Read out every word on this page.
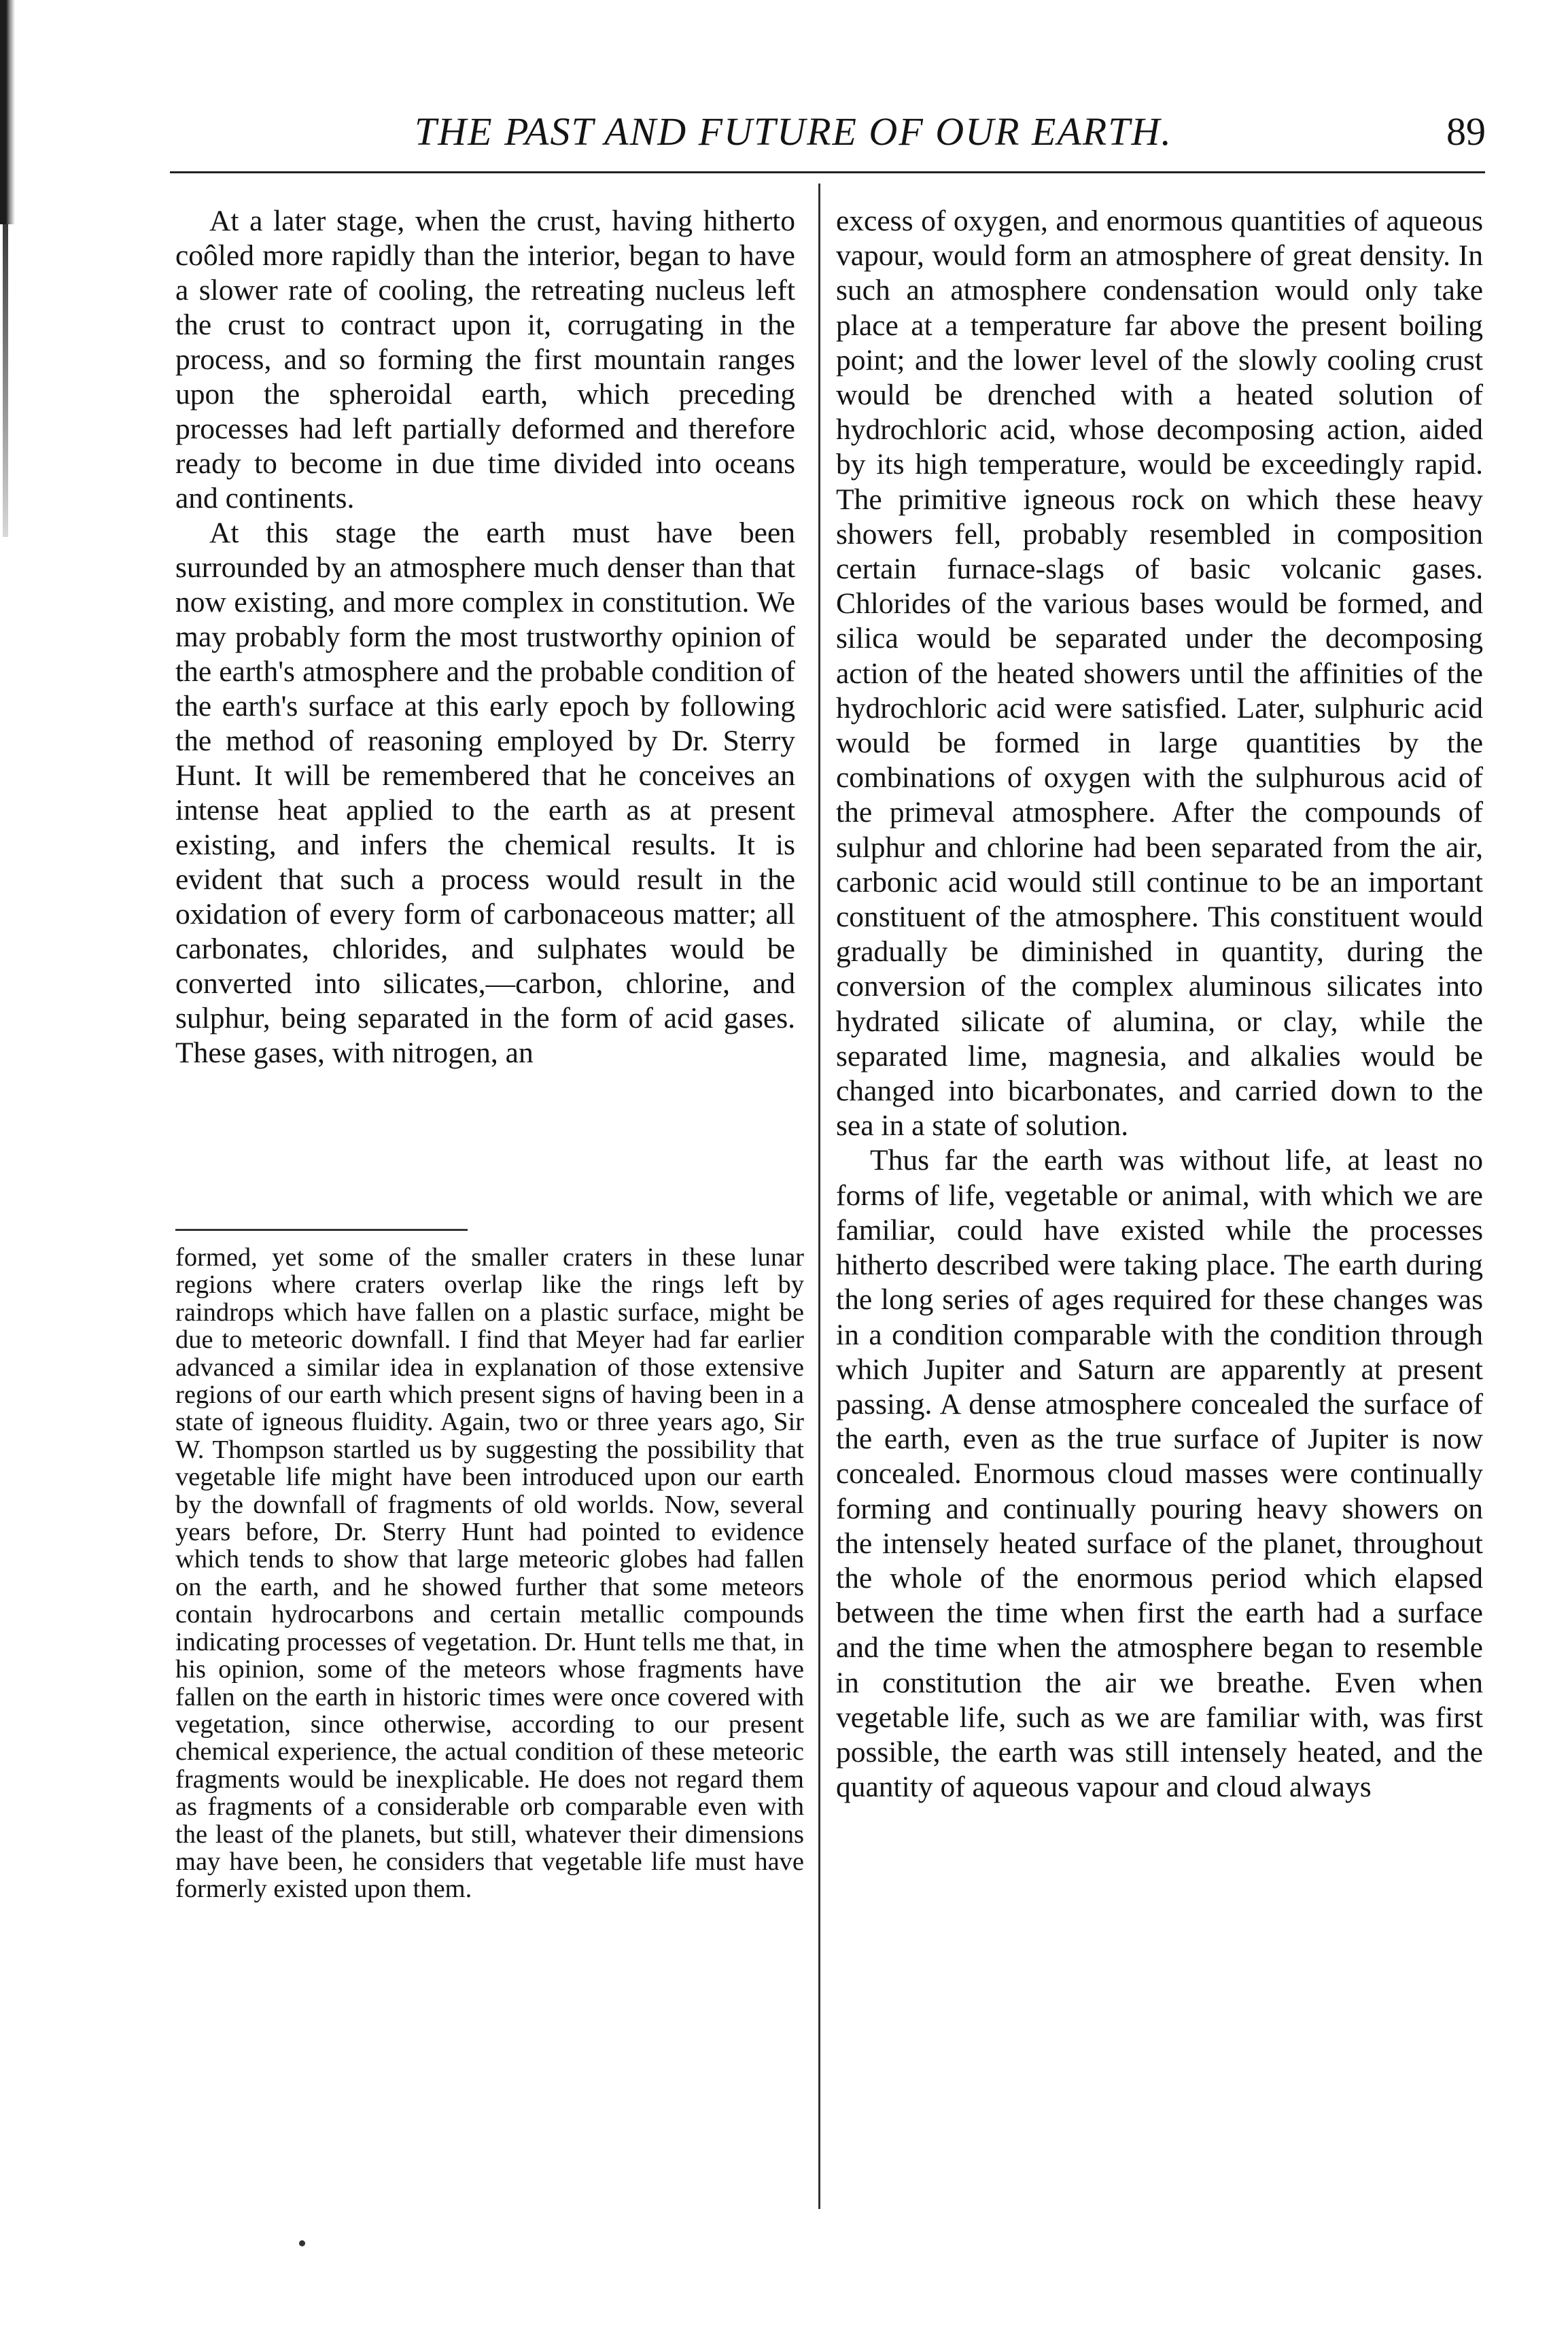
THE PAST AND FUTURE OF OUR EARTH.	89

At a later stage, when the crust, having hitherto coôled more rapidly than the interior, began to have a slower rate of cooling, the retreating nucleus left the crust to contract upon it, corrugating in the process, and so forming the first mountain ranges upon the spheroidal earth, which preceding processes had left partially deformed and therefore ready to become in due time divided into oceans and continents.

At this stage the earth must have been surrounded by an atmosphere much denser than that now existing, and more complex in constitution. We may probably form the most trustworthy opinion of the earth's atmosphere and the probable condition of the earth's surface at this early epoch by following the method of reasoning employed by Dr. Sterry Hunt. It will be remembered that he conceives an intense heat applied to the earth as at present existing, and infers the chemical results. It is evident that such a process would result in the oxidation of every form of carbonaceous matter; all carbonates, chlorides, and sulphates would be converted into silicates,—carbon, chlorine, and sulphur, being separated in the form of acid gases. These gases, with nitrogen, an

formed, yet some of the smaller craters in these lunar regions where craters overlap like the rings left by raindrops which have fallen on a plastic surface, might be due to meteoric downfall. I find that Meyer had far earlier advanced a similar idea in explanation of those extensive regions of our earth which present signs of having been in a state of igneous fluidity. Again, two or three years ago, Sir W. Thompson startled us by suggesting the possibility that vegetable life might have been introduced upon our earth by the downfall of fragments of old worlds. Now, several years before, Dr. Sterry Hunt had pointed to evidence which tends to show that large meteoric globes had fallen on the earth, and he showed further that some meteors contain hydrocarbons and certain metallic compounds indicating processes of vegetation. Dr. Hunt tells me that, in his opinion, some of the meteors whose fragments have fallen on the earth in historic times were once covered with vegetation, since otherwise, according to our present chemical experience, the actual condition of these meteoric fragments would be inexplicable. He does not regard them as fragments of a considerable orb comparable even with the least of the planets, but still, whatever their dimensions may have been, he considers that vegetable life must have formerly existed upon them.

excess of oxygen, and enormous quantities of aqueous vapour, would form an atmosphere of great density. In such an atmosphere condensation would only take place at a temperature far above the present boiling point; and the lower level of the slowly cooling crust would be drenched with a heated solution of hydrochloric acid, whose decomposing action, aided by its high temperature, would be exceedingly rapid. The primitive igneous rock on which these heavy showers fell, probably resembled in composition certain furnace-slags of basic volcanic gases. Chlorides of the various bases would be formed, and silica would be separated under the decomposing action of the heated showers until the affinities of the hydrochloric acid were satisfied. Later, sulphuric acid would be formed in large quantities by the combinations of oxygen with the sulphurous acid of the primeval atmosphere. After the compounds of sulphur and chlorine had been separated from the air, carbonic acid would still continue to be an important constituent of the atmosphere. This constituent would gradually be diminished in quantity, during the conversion of the complex aluminous silicates into hydrated silicate of alumina, or clay, while the separated lime, magnesia, and alkalies would be changed into bicarbonates, and carried down to the sea in a state of solution.

Thus far the earth was without life, at least no forms of life, vegetable or animal, with which we are familiar, could have existed while the processes hitherto described were taking place. The earth during the long series of ages required for these changes was in a condition comparable with the condition through which Jupiter and Saturn are apparently at present passing. A dense atmosphere concealed the surface of the earth, even as the true surface of Jupiter is now concealed. Enormous cloud masses were continually forming and continually pouring heavy showers on the intensely heated surface of the planet, throughout the whole of the enormous period which elapsed between the time when first the earth had a surface and the time when the atmosphere began to resemble in constitution the air we breathe. Even when vegetable life, such as we are familiar with, was first possible, the earth was still intensely heated, and the quantity of aqueous vapour and cloud always
